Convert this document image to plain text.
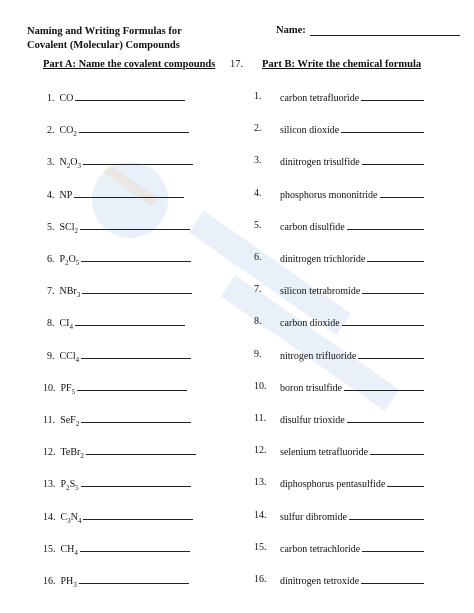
Naming and Writing Formulas for
Covalent (Molecular) Compounds
Name:
Part A: Name the covalent compounds 17. Part B: Write the chemical formula
1. CO
2. $CO_2$
3. $N_2O_3$
4. NP
5. SCl$_2$
6. $P_2O_5$
7. NBr$_3$
8. $CI_4$
9. CCl$_4$
10. $PF_5$
11. SeF$_2$
12. TeBr$_2$
13. $P_2S_5$
14. $C_3N_4$
15. $CH_4$
16. $PH_3$
1. carbon tetrafluoride
2. silicon dioxide
3. dinitrogen trisulfide
4. phosphorus mononitride
5. carbon disulfide
6. dinitrogen trichloride
7. silicon tetrabromide
8. carbon dioxide
9. nitrogen trifluoride
10. boron trisulfide
11. disulfur trioxide
12. selenium tetrafluoride
13. diphosphorus pentasulfide
14. sulfur dibromide
15. carbon tetrachloride
16. dinitrogen tetroxide
